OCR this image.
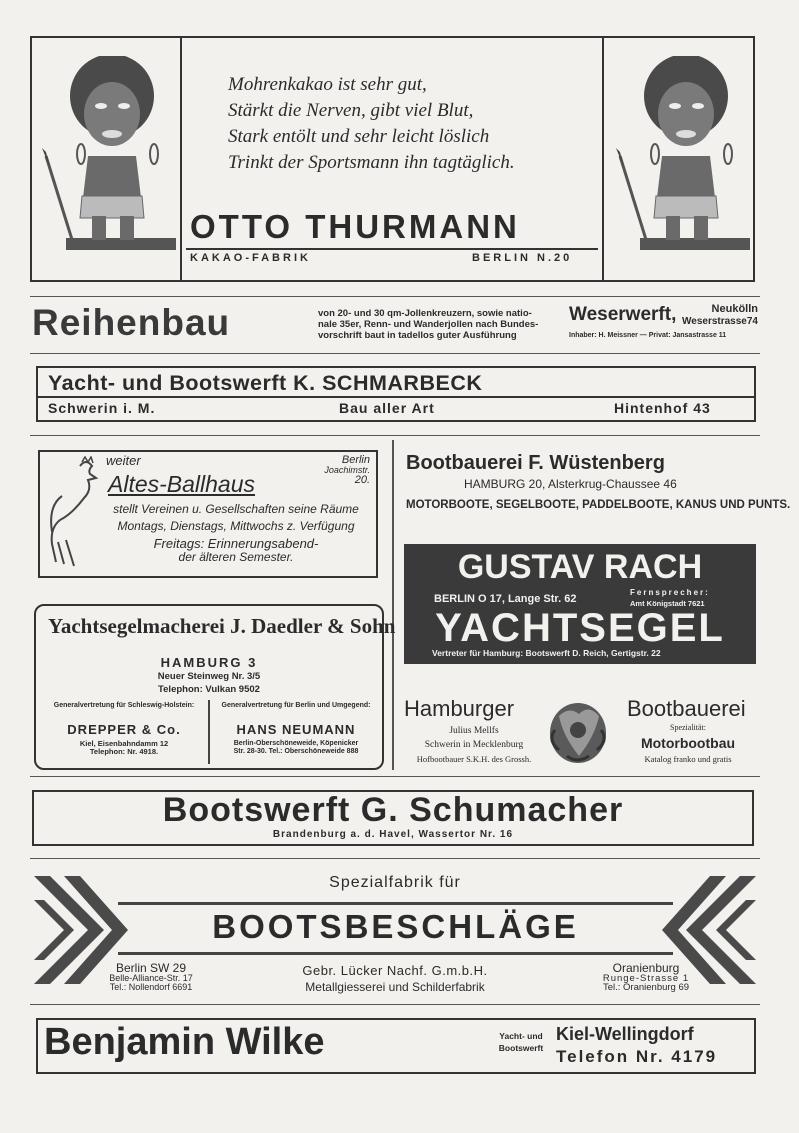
Mohrenkakao ist sehr gut,
Stärkt die Nerven, gibt viel Blut,
Stark entölt und sehr leicht löslich
Trinkt der Sportsmann ihn tagtäglich.
OTTO THURMANN
KAKAO-FABRIK	BERLIN N.20
Reihenbau	von 20- und 30 qm-Jollenkreuzern, sowie natio-
nale 35er, Renn- und Wanderjollen nach Bundes-
vorschrift baut in tadellos guter Ausführung
Weserwerft,	Neukölln
Weserstrasse74
Inhaber: H. Meissner — Privat: Jansastrasse 11
Yacht- und Bootswerft K. SCHMARBECK
Schwerin i. M.	Bau aller Art	Hintenhof 43
weiter	Berlin
Joachimstr.
20.
Altes-Ballhaus
stellt Vereinen u. Gesellschaften seine Räume
Montags, Dienstags, Mittwochs z. Verfügung
Freitags: Erinnerungsabend-
der älteren Semester.
Bootbauerei F. Wüstenberg
HAMBURG 20, Alsterkrug-Chaussee 46
MOTORBOOTE, SEGELBOOTE, PADDELBOOTE, KANUS UND PUNTS.
Yachtsegelmacherei J. Daedler & Sohn
HAMBURG 3
Neuer Steinweg Nr. 3/5
Telephon: Vulkan 9502
Generalvertretung für Schleswig-Holstein:
DREPPER & Co.
Kiel, Eisenbahndamm 12
Telephon: Nr. 4918.
Generalvertretung für Berlin und Umgegend:
HANS NEUMANN
Berlin-Oberschöneweide, Köpenicker
Str. 28-30. Tel.: Oberschöneweide 888
GUSTAV RACH
BERLIN O 17, Lange Str. 62
Fernsprecher:
Amt Königstadt 7621
YACHTSEGEL
Vertreter für Hamburg: Bootswerft D. Reich, Gertigstr. 22
Hamburger	Bootbauerei
Julius Mellfs
Schwerin in Mecklenburg
Hofbootbauer S.K.H. des Grossh.
Spezialität:
Motorbootbau
Katalog franko und gratis
Bootswerft G. Schumacher
Brandenburg a. d. Havel, Wassertor Nr. 16
Spezialfabrik für
BOOTSBESCHLÄGE
Berlin SW 29
Belle-Alliance-Str. 17
Tel.: Nollendorf 6691
Gebr. Lücker Nachf. G.m.b.H.
Metallgiesserei und Schilderfabrik
Oranienburg
Runge-Strasse 1
Tel.: Oranienburg 69
Benjamin Wilke	Yacht- und
Bootswerft
Kiel-Wellingdorf
Telefon Nr. 4179
